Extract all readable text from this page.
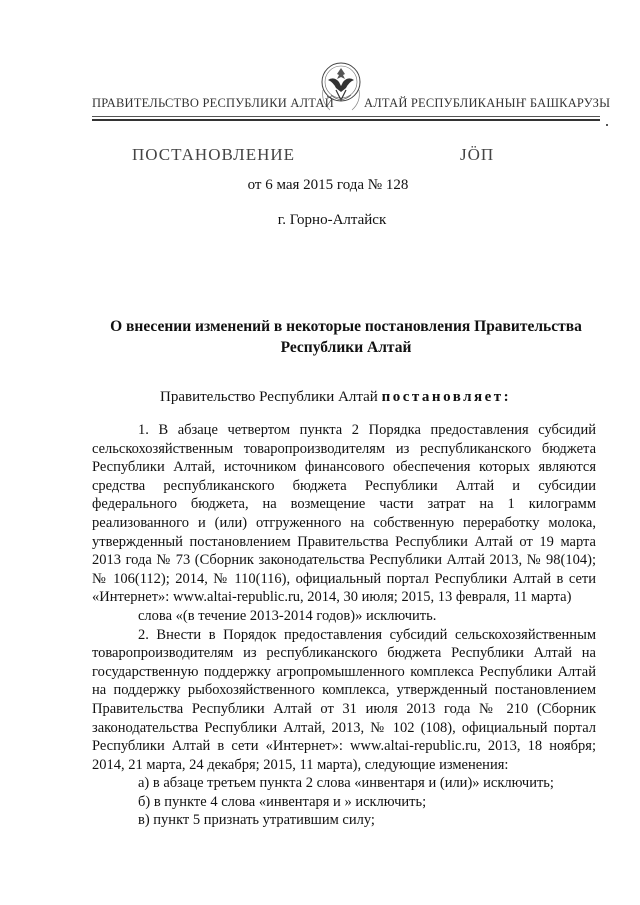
ПРАВИТЕЛЬСТВО РЕСПУБЛИКИ АЛТАЙ АЛТАЙ РЕСПУБЛИКАНЫҤ БАШКАРУЗЫ
ПОСТАНОВЛЕНИЕ	JÖП
от 6 мая 2015 года № 128
г. Горно-Алтайск
О внесении изменений в некоторые постановления Правительства Республики Алтай
Правительство Республики Алтай постановляет:

1. В абзаце четвертом пункта 2 Порядка предоставления субсидий сельскохозяйственным товаропроизводителям из республиканского бюджета Республики Алтай, источником финансового обеспечения которых являются средства республиканского бюджета Республики Алтай и субсидии федерального бюджета, на возмещение части затрат на 1 килограмм реализованного и (или) отгруженного на собственную переработку молока, утвержденный постановлением Правительства Республики Алтай от 19 марта 2013 года № 73 (Сборник законодательства Республики Алтай 2013, № 98(104); № 106(112); 2014, № 110(116), официальный портал Республики Алтай в сети «Интернет»: www.altai-republic.ru, 2014, 30 июля; 2015, 13 февраля, 11 марта)

слова «(в течение 2013-2014 годов)» исключить.

2. Внести в Порядок предоставления субсидий сельскохозяйственным товаропроизводителям из республиканского бюджета Республики Алтай на государственную поддержку агропромышленного комплекса Республики Алтай на поддержку рыбохозяйственного комплекса, утвержденный постановлением Правительства Республики Алтай от 31 июля 2013 года № 210 (Сборник законодательства Республики Алтай, 2013, № 102 (108), официальный портал Республики Алтай в сети «Интернет»: www.altai-republic.ru, 2013, 18 ноября; 2014, 21 марта, 24 декабря; 2015, 11 марта), следующие изменения:

а) в абзаце третьем пункта 2 слова «инвентаря и (или)» исключить;

б) в пункте 4 слова «инвентаря и » исключить;

в) пункт 5 признать утратившим силу;
